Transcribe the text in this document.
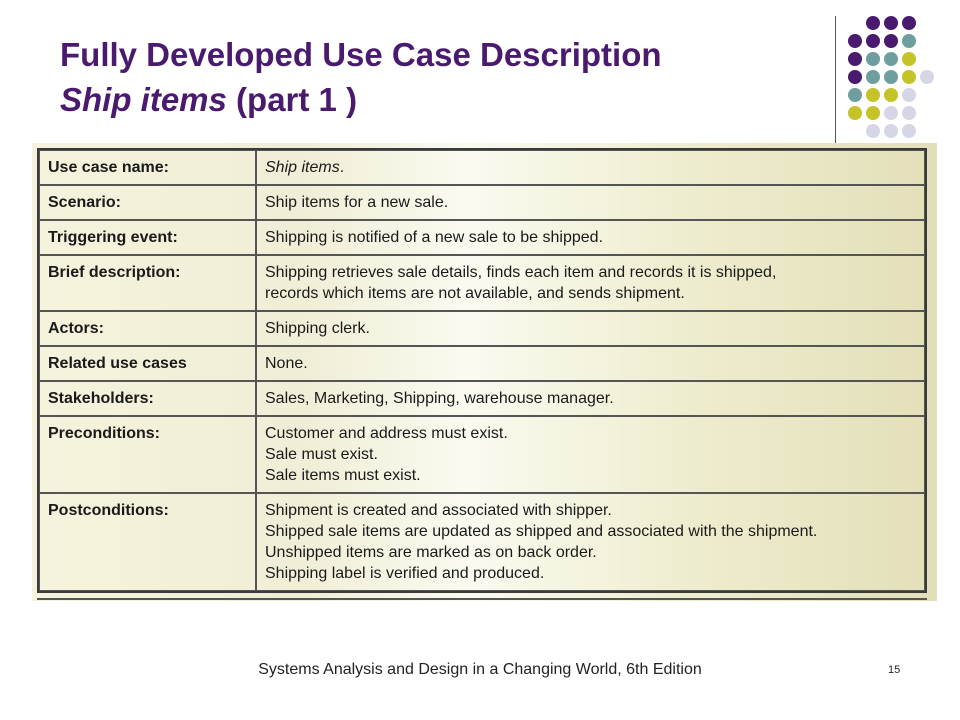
Fully Developed Use Case Description
Ship items (part 1 )
Use case name:	Ship items.

Scenario:	Ship items for a new sale.

Triggering event:	Shipping is notified of a new sale to be shipped.

Brief description:	Shipping retrieves sale details, finds each item and records it is shipped,
records which items are not available, and sends shipment.

Actors:	Shipping clerk.

Related use cases	None.

Stakeholders:	Sales, Marketing, Shipping, warehouse manager.

Preconditions:	Customer and address must exist.
Sale must exist.
Sale items must exist.

Postconditions:	Shipment is created and associated with shipper.
Shipped sale items are updated as shipped and associated with the shipment.
Unshipped items are marked as on back order.
Shipping label is verified and produced.
Systems Analysis and Design in a Changing World, 6th Edition	15
